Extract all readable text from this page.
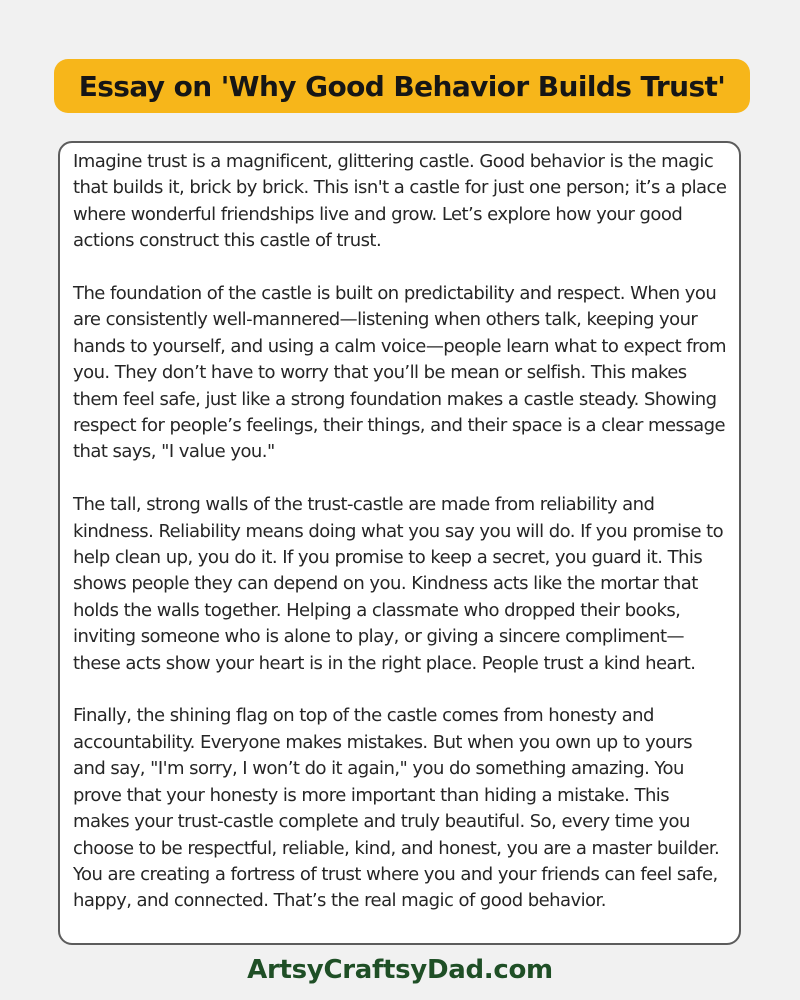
Essay on 'Why Good Behavior Builds Trust'

Imagine trust is a magnificent, glittering castle. Good behavior is the magic that builds it, brick by brick. This isn't a castle for just one person; it’s a place where wonderful friendships live and grow. Let’s explore how your good actions construct this castle of trust.

The foundation of the castle is built on predictability and respect. When you are consistently well-mannered—listening when others talk, keeping your hands to yourself, and using a calm voice—people learn what to expect from you. They don’t have to worry that you’ll be mean or selfish. This makes them feel safe, just like a strong foundation makes a castle steady. Showing respect for people’s feelings, their things, and their space is a clear message that says, "I value you."

The tall, strong walls of the trust-castle are made from reliability and kindness. Reliability means doing what you say you will do. If you promise to help clean up, you do it. If you promise to keep a secret, you guard it. This shows people they can depend on you. Kindness acts like the mortar that holds the walls together. Helping a classmate who dropped their books, inviting someone who is alone to play, or giving a sincere compliment—these acts show your heart is in the right place. People trust a kind heart.

Finally, the shining flag on top of the castle comes from honesty and accountability. Everyone makes mistakes. But when you own up to yours and say, "I'm sorry, I won’t do it again," you do something amazing. You prove that your honesty is more important than hiding a mistake. This makes your trust-castle complete and truly beautiful. So, every time you choose to be respectful, reliable, kind, and honest, you are a master builder. You are creating a fortress of trust where you and your friends can feel safe, happy, and connected. That’s the real magic of good behavior.

ArtsyCraftsyDad.com
